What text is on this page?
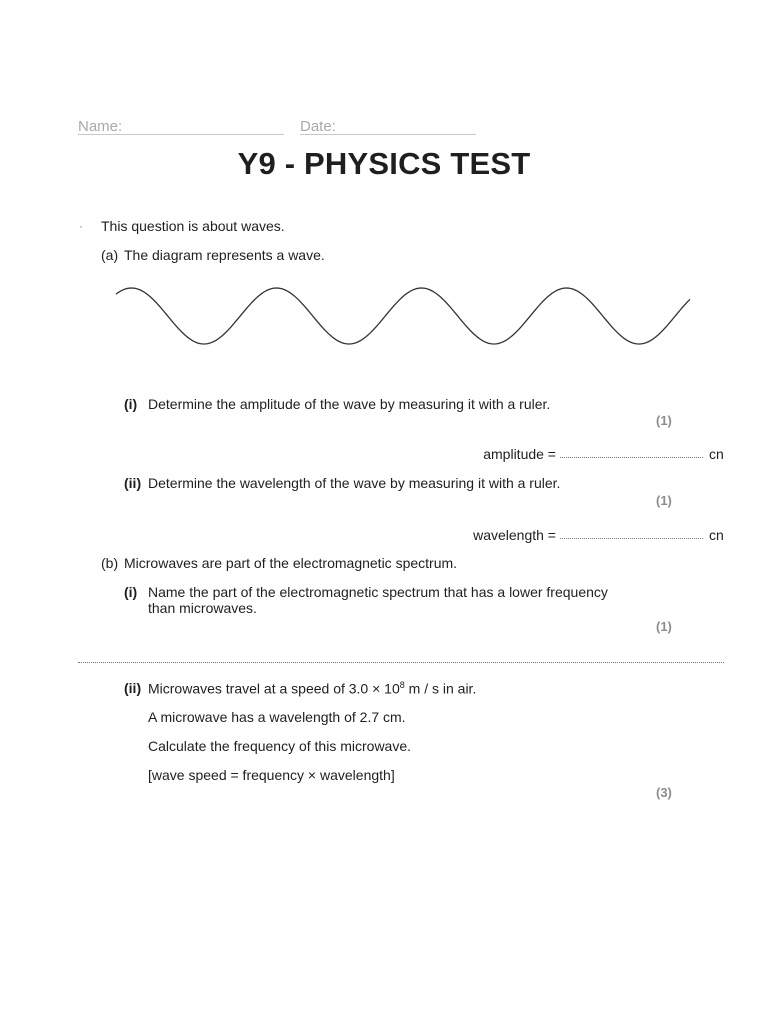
Name:	Date:
Y9 - PHYSICS TEST
· This question is about waves.
(a) The diagram represents a wave.
(i) Determine the amplitude of the wave by measuring it with a ruler.
(1)
amplitude =	cn
(ii) Determine the wavelength of the wave by measuring it with a ruler.
(1)
wavelength =	cn
(b) Microwaves are part of the electromagnetic spectrum.
(i) Name the part of the electromagnetic spectrum that has a lower frequency
than microwaves.
(1)
(ii) Microwaves travel at a speed of $3.0 \times 10^8$ m / s in air.
A microwave has a wavelength of 2.7 cm.
Calculate the frequency of this microwave.
[wave speed = frequency × wavelength]
(3)
